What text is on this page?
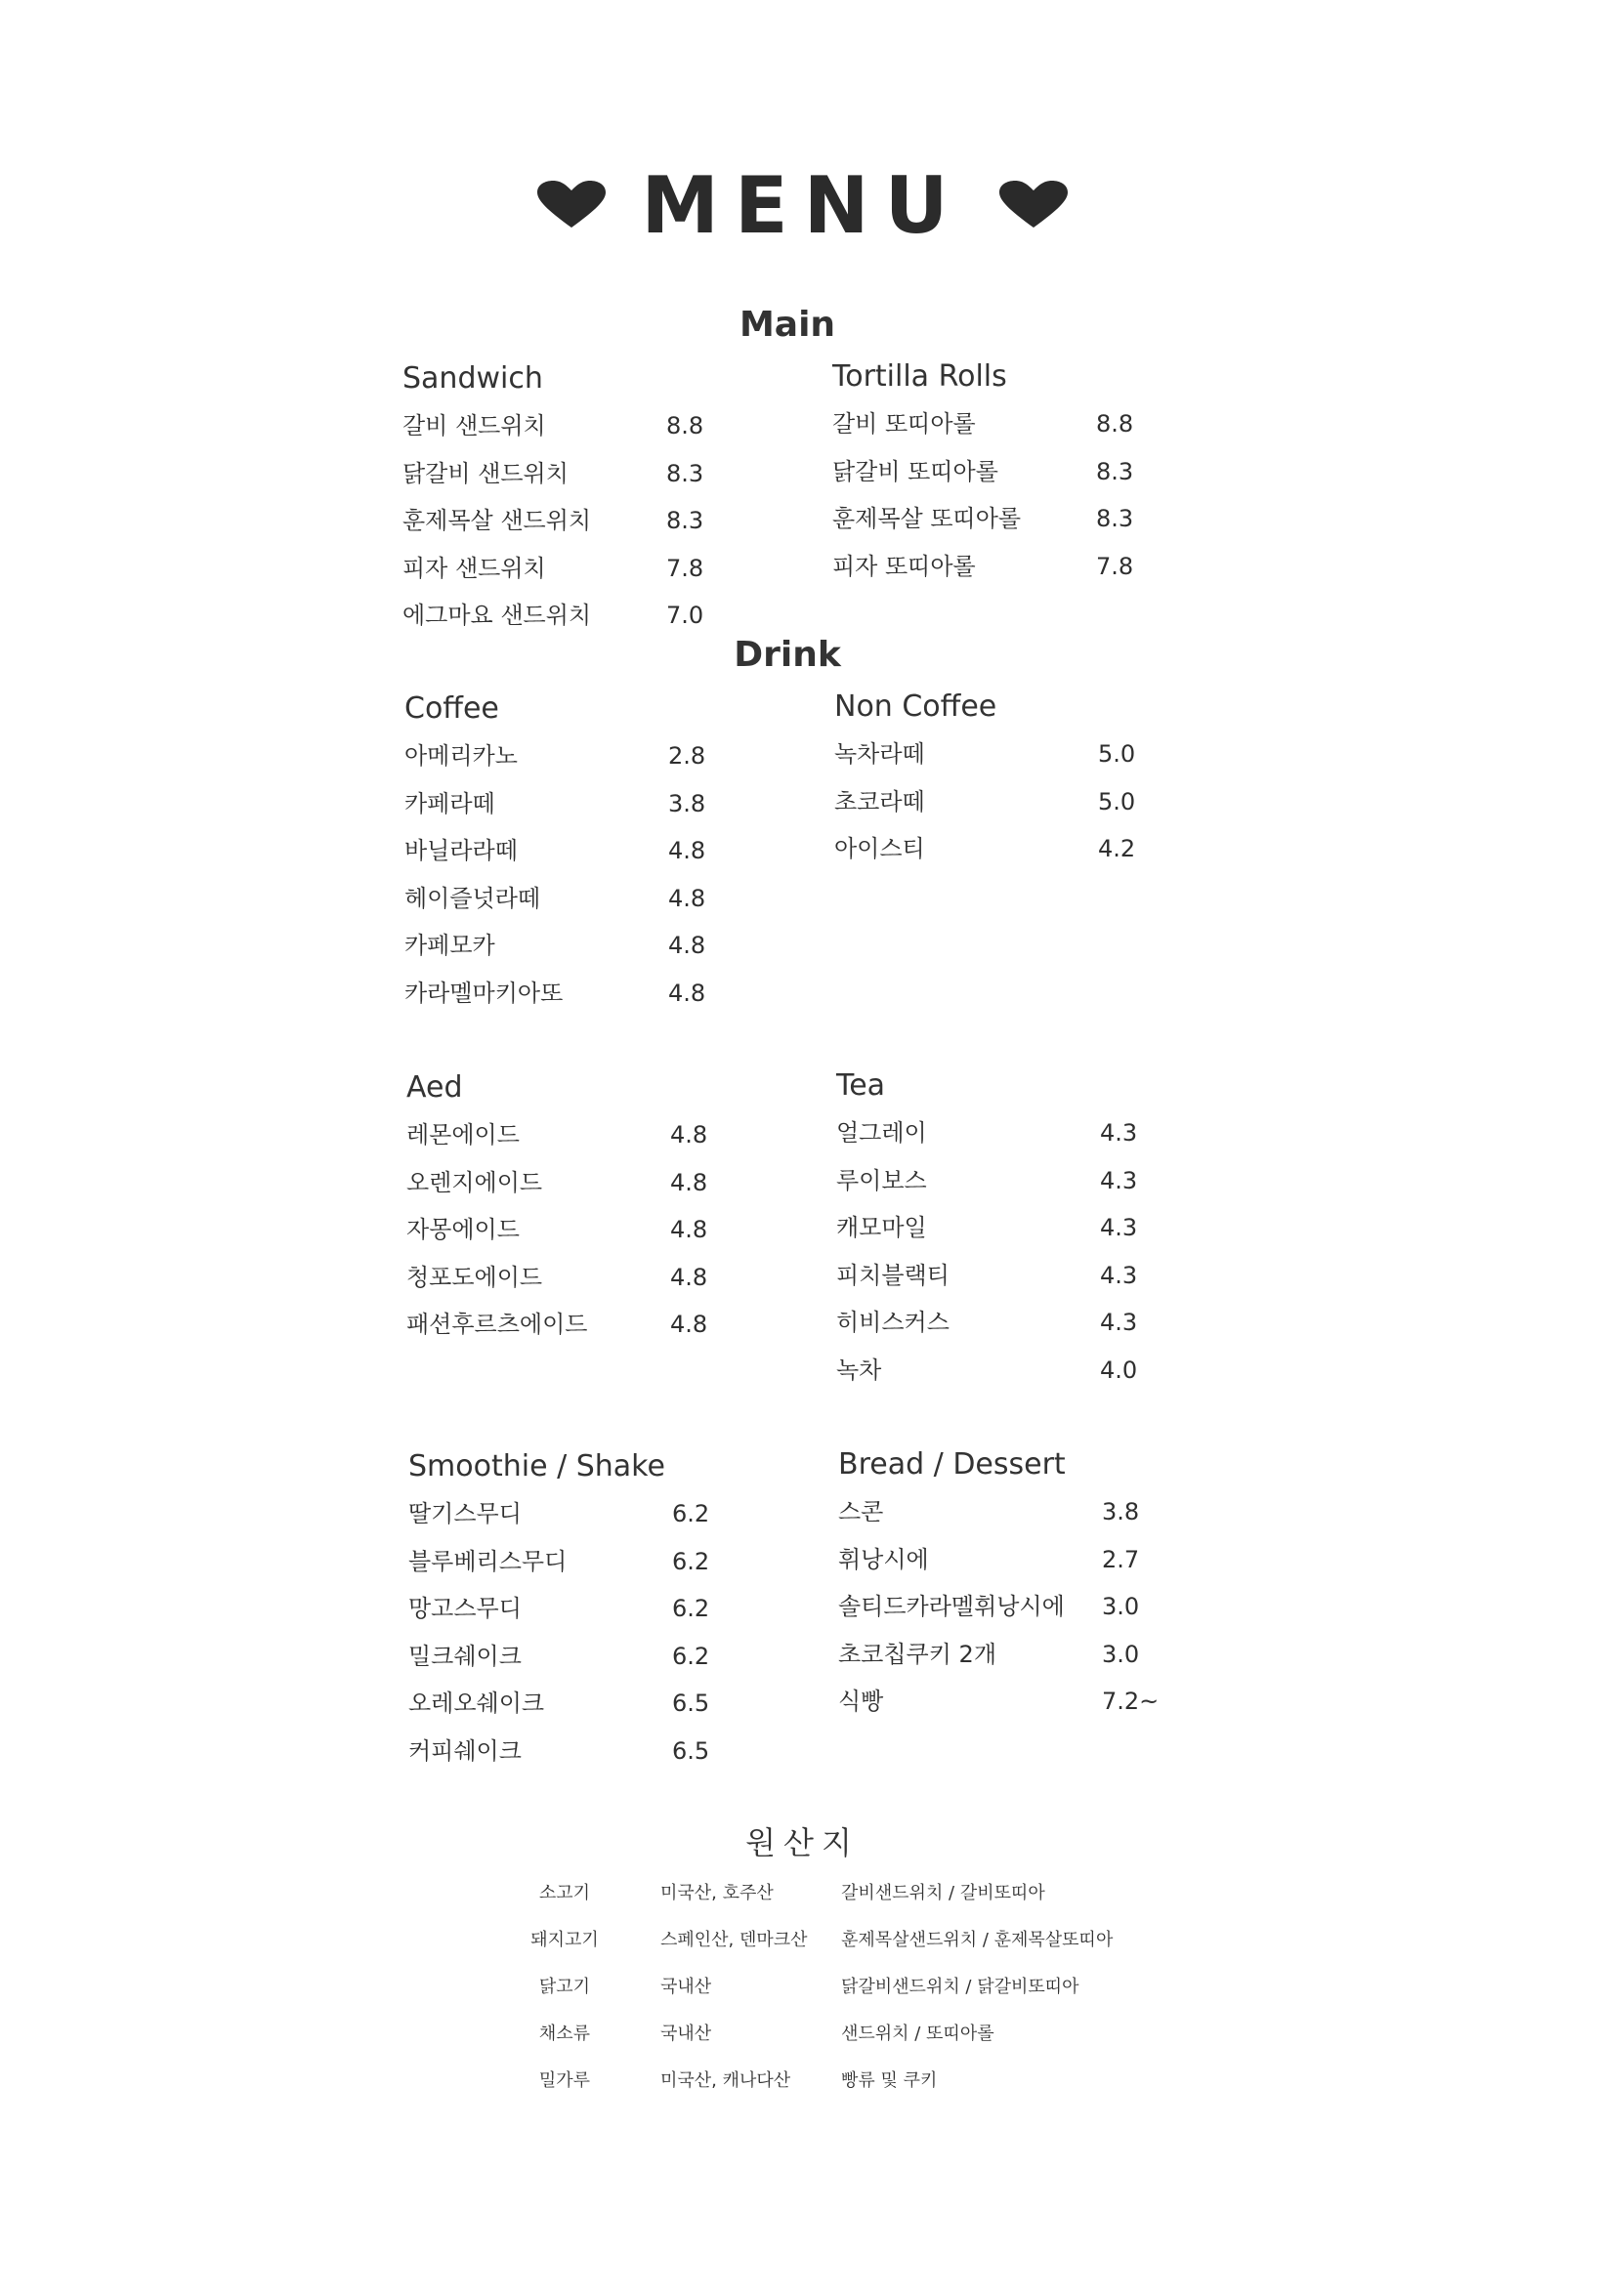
MENU
Main
Drink
Sandwich
갈비 샌드위치	8.8
닭갈비 샌드위치	8.3
훈제목살 샌드위치	8.3
피자 샌드위치	7.8
에그마요 샌드위치	7.0
Tortilla Rolls
갈비 또띠아롤	8.8
닭갈비 또띠아롤	8.3
훈제목살 또띠아롤	8.3
피자 또띠아롤	7.8
Coffee
아메리카노	2.8
카페라떼	3.8
바닐라라떼	4.8
헤이즐넛라떼	4.8
카페모카	4.8
카라멜마키아또	4.8
Non Coffee
녹차라떼	5.0
초코라떼	5.0
아이스티	4.2
Aed
레몬에이드	4.8
오렌지에이드	4.8
자몽에이드	4.8
청포도에이드	4.8
패션후르츠에이드	4.8
Tea
얼그레이	4.3
루이보스	4.3
캐모마일	4.3
피치블랙티	4.3
히비스커스	4.3
녹차	4.0
Smoothie / Shake
딸기스무디	6.2
블루베리스무디	6.2
망고스무디	6.2
밀크쉐이크	6.2
오레오쉐이크	6.5
커피쉐이크	6.5
Bread / Dessert
스콘	3.8
휘낭시에	2.7
솔티드카라멜휘낭시에 3.0
초코칩쿠키 2개	3.0
식빵	7.2~
원산지
소고기	미국산, 호주산	갈비샌드위치 / 갈비또띠아
돼지고기	스페인산, 덴마크산	훈제목살샌드위치 / 훈제목살또띠아
닭고기	국내산	닭갈비샌드위치 / 닭갈비또띠아
채소류	국내산	샌드위치 / 또띠아롤
밀가루	미국산, 캐나다산	빵류 및 쿠키
